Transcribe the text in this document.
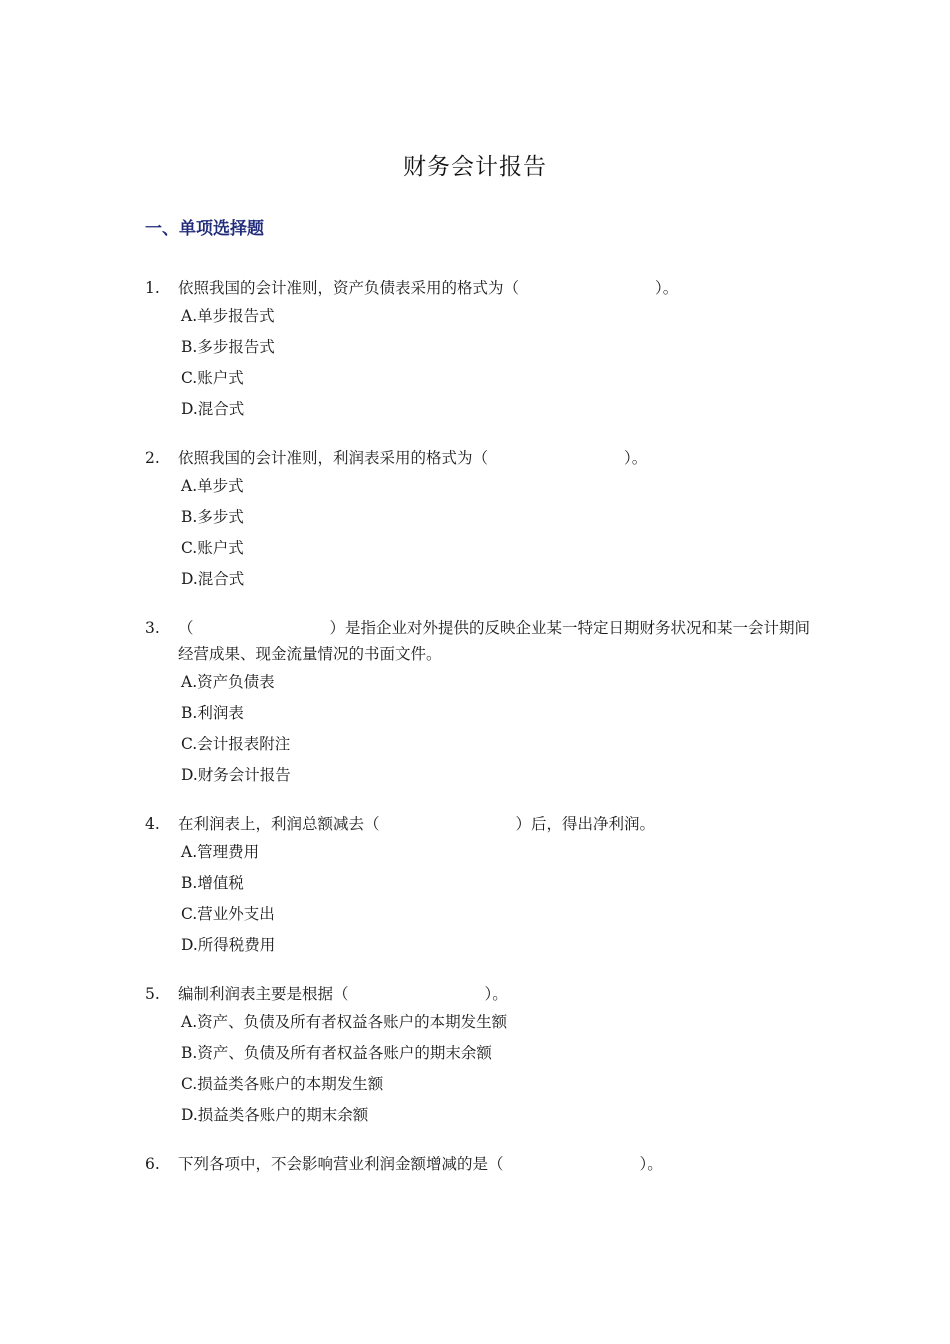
财务会计报告
一、单项选择题
1.	依照我国的会计准则，资产负债表采用的格式为（	）。
A.单步报告式
B.多步报告式
C.账户式
D.混合式
2.	依照我国的会计准则，利润表采用的格式为（	）。
A.单步式
B.多步式
C.账户式
D.混合式
3.	（	）是指企业对外提供的反映企业某一特定日期财务状况和某一会计期间经营成果、现金流量情况的书面文件。
A.资产负债表
B.利润表
C.会计报表附注
D.财务会计报告
4.	在利润表上，利润总额减去（	）后，得出净利润。
A.管理费用
B.增值税
C.营业外支出
D.所得税费用
5.	编制利润表主要是根据（	）。
A.资产、负债及所有者权益各账户的本期发生额
B.资产、负债及所有者权益各账户的期末余额
C.损益类各账户的本期发生额
D.损益类各账户的期末余额
6.	下列各项中，不会影响营业利润金额增减的是（	）。
